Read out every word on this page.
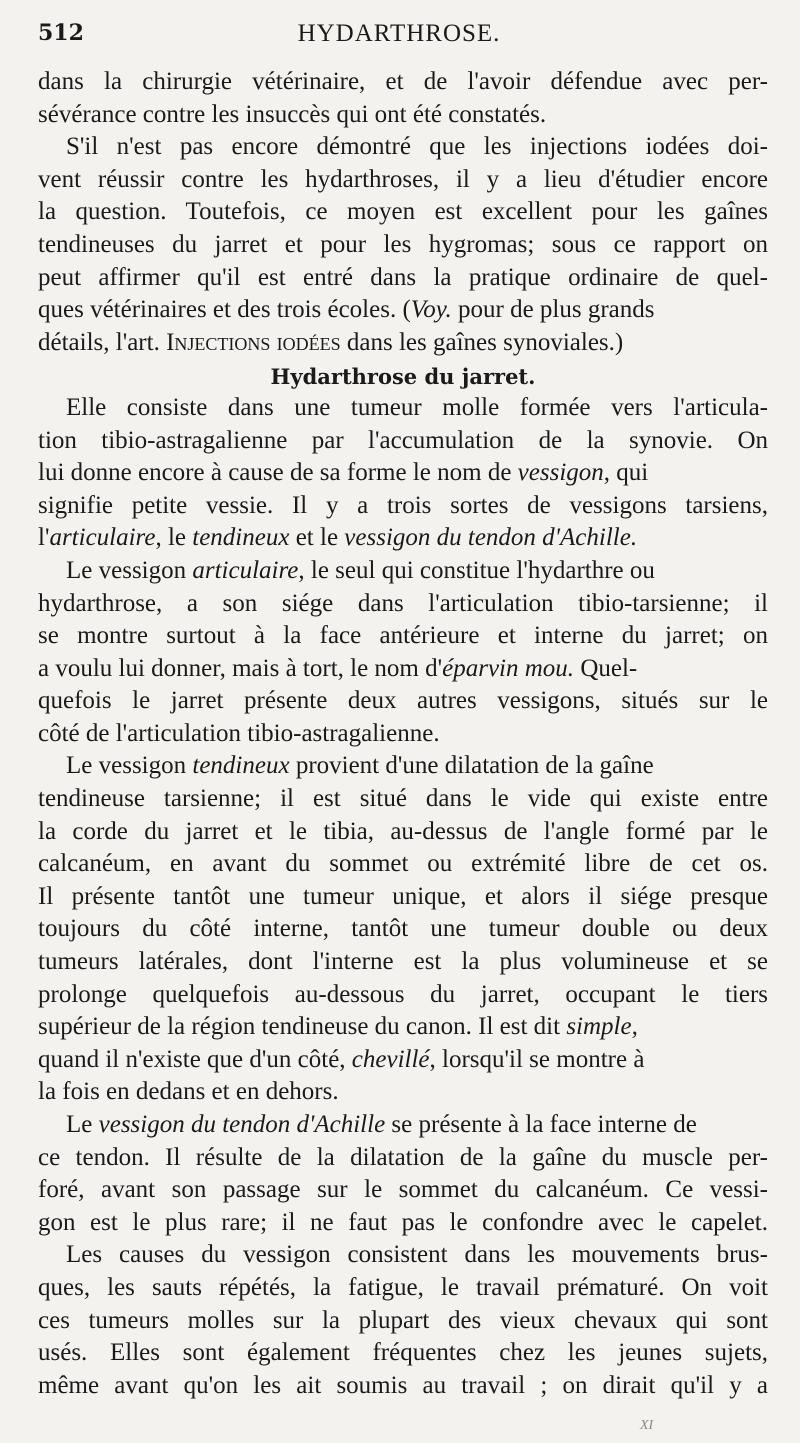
512	HYDARTHROSE.
dans la chirurgie vétérinaire, et de l'avoir défendue avec per-
sévérance contre les insuccès qui ont été constatés.
S'il n'est pas encore démontré que les injections iodées doi-
vent réussir contre les hydarthroses, il y a lieu d'étudier encore
la question. Toutefois, ce moyen est excellent pour les gaînes
tendineuses du jarret et pour les hygromas; sous ce rapport on
peut affirmer qu'il est entré dans la pratique ordinaire de quel-
ques vétérinaires et des trois écoles. (Voy. pour de plus grands
détails, l'art. Injections iodées dans les gaînes synoviales.)
Hydarthrose du jarret.
Elle consiste dans une tumeur molle formée vers l'articula-
tion tibio-astragalienne par l'accumulation de la synovie. On
lui donne encore à cause de sa forme le nom de vessigon, qui
signifie petite vessie. Il y a trois sortes de vessigons tarsiens,
l'articulaire, le tendineux et le vessigon du tendon d'Achille.
Le vessigon articulaire, le seul qui constitue l'hydarthre ou
hydarthrose, a son siége dans l'articulation tibio-tarsienne; il
se montre surtout à la face antérieure et interne du jarret; on
a voulu lui donner, mais à tort, le nom d'éparvin mou. Quel-
quefois le jarret présente deux autres vessigons, situés sur le
côté de l'articulation tibio-astragalienne.
Le vessigon tendineux provient d'une dilatation de la gaîne
tendineuse tarsienne; il est situé dans le vide qui existe entre
la corde du jarret et le tibia, au-dessus de l'angle formé par le
calcanéum, en avant du sommet ou extrémité libre de cet os.
Il présente tantôt une tumeur unique, et alors il siége presque
toujours du côté interne, tantôt une tumeur double ou deux
tumeurs latérales, dont l'interne est la plus volumineuse et se
prolonge quelquefois au-dessous du jarret, occupant le tiers
supérieur de la région tendineuse du canon. Il est dit simple,
quand il n'existe que d'un côté, chevillé, lorsqu'il se montre à
la fois en dedans et en dehors.
Le vessigon du tendon d'Achille se présente à la face interne de
ce tendon. Il résulte de la dilatation de la gaîne du muscle per-
foré, avant son passage sur le sommet du calcanéum. Ce vessi-
gon est le plus rare; il ne faut pas le confondre avec le capelet.
Les causes du vessigon consistent dans les mouvements brus-
ques, les sauts répétés, la fatigue, le travail prématuré. On voit
ces tumeurs molles sur la plupart des vieux chevaux qui sont
usés. Elles sont également fréquentes chez les jeunes sujets,
même avant qu'on les ait soumis au travail ; on dirait qu'il y a
XI
